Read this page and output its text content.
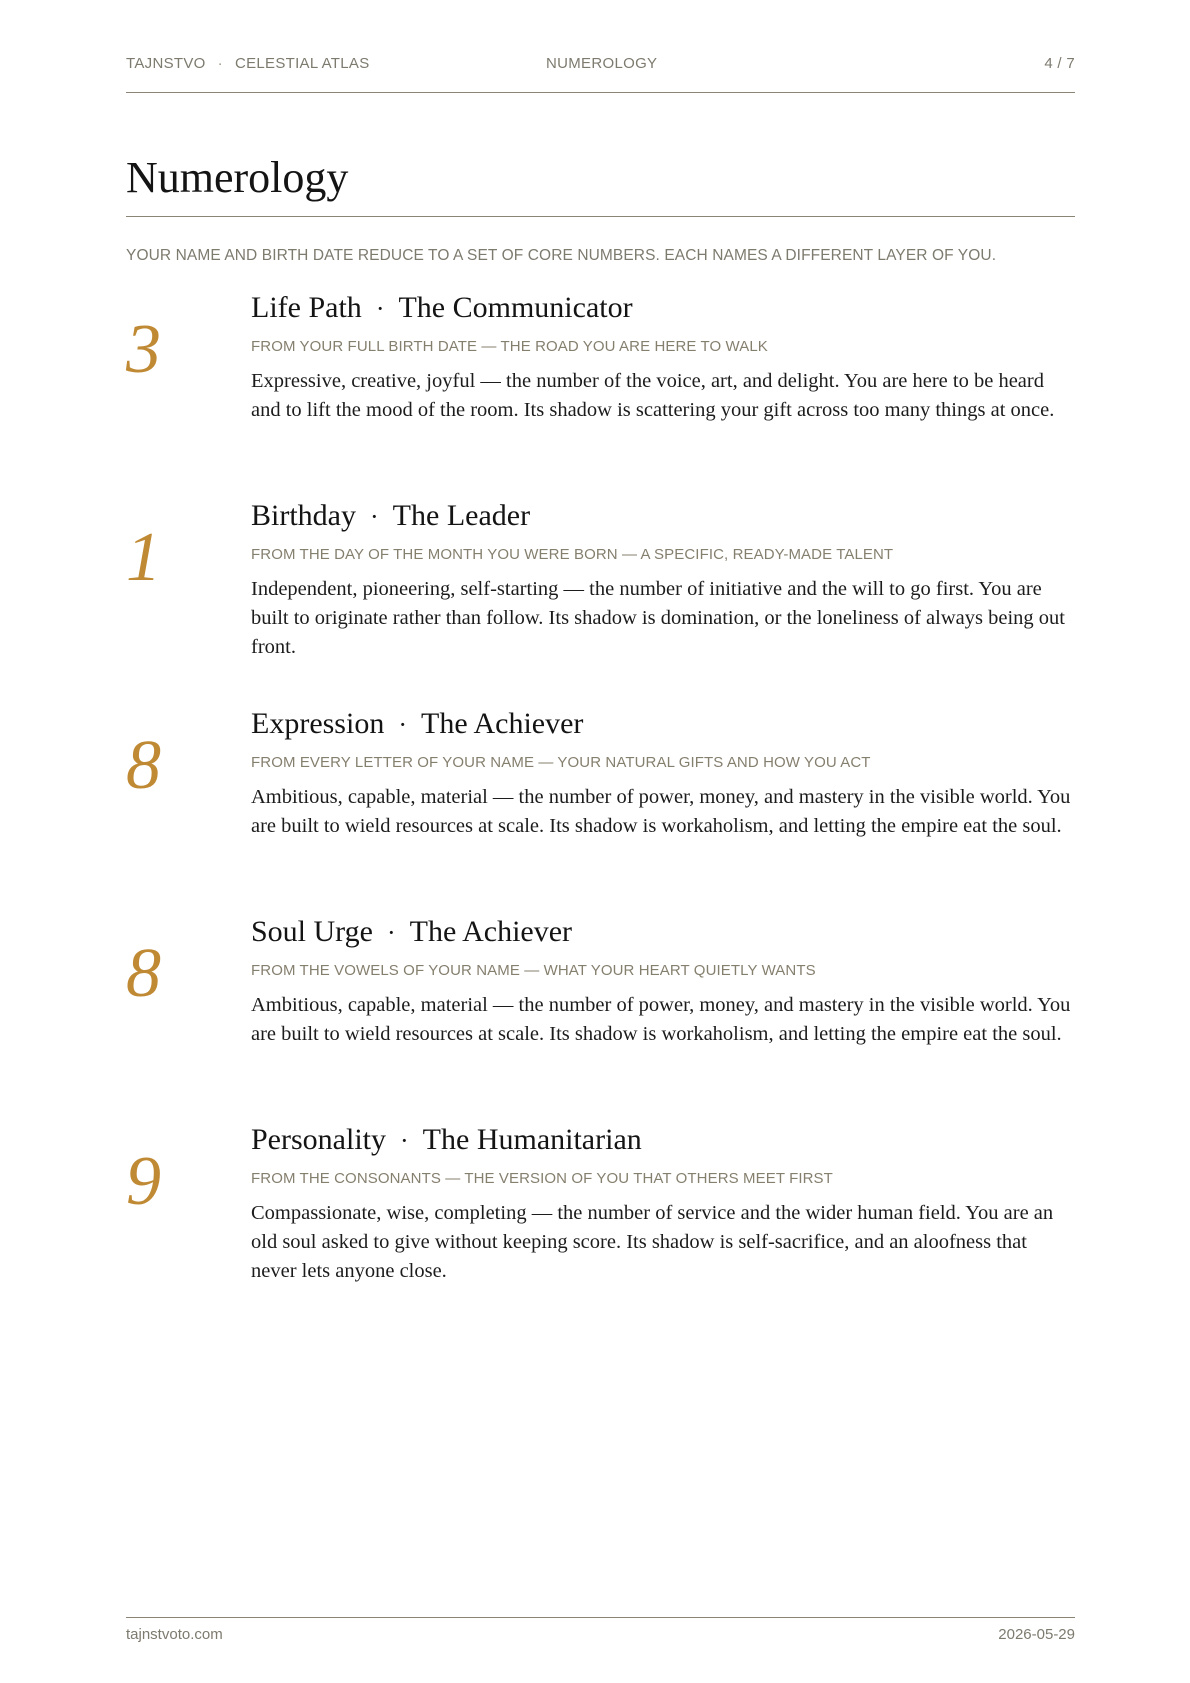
TAJNSTVO · CELESTIAL ATLAS	NUMEROLOGY	4 / 7
Numerology
YOUR NAME AND BIRTH DATE REDUCE TO A SET OF CORE NUMBERS. EACH NAMES A DIFFERENT LAYER OF YOU.
3
Life Path · The Communicator
FROM YOUR FULL BIRTH DATE — THE ROAD YOU ARE HERE TO WALK
Expressive, creative, joyful — the number of the voice, art, and delight. You are here to be heard and to lift the mood of the room. Its shadow is scattering your gift across too many things at once.
1
Birthday · The Leader
FROM THE DAY OF THE MONTH YOU WERE BORN — A SPECIFIC, READY-MADE TALENT
Independent, pioneering, self-starting — the number of initiative and the will to go first. You are built to originate rather than follow. Its shadow is domination, or the loneliness of always being out front.
8
Expression · The Achiever
FROM EVERY LETTER OF YOUR NAME — YOUR NATURAL GIFTS AND HOW YOU ACT
Ambitious, capable, material — the number of power, money, and mastery in the visible world. You are built to wield resources at scale. Its shadow is workaholism, and letting the empire eat the soul.
8
Soul Urge · The Achiever
FROM THE VOWELS OF YOUR NAME — WHAT YOUR HEART QUIETLY WANTS
Ambitious, capable, material — the number of power, money, and mastery in the visible world. You are built to wield resources at scale. Its shadow is workaholism, and letting the empire eat the soul.
9
Personality · The Humanitarian
FROM THE CONSONANTS — THE VERSION OF YOU THAT OTHERS MEET FIRST
Compassionate, wise, completing — the number of service and the wider human field. You are an old soul asked to give without keeping score. Its shadow is self-sacrifice, and an aloofness that never lets anyone close.
tajnstvoto.com	2026-05-29
